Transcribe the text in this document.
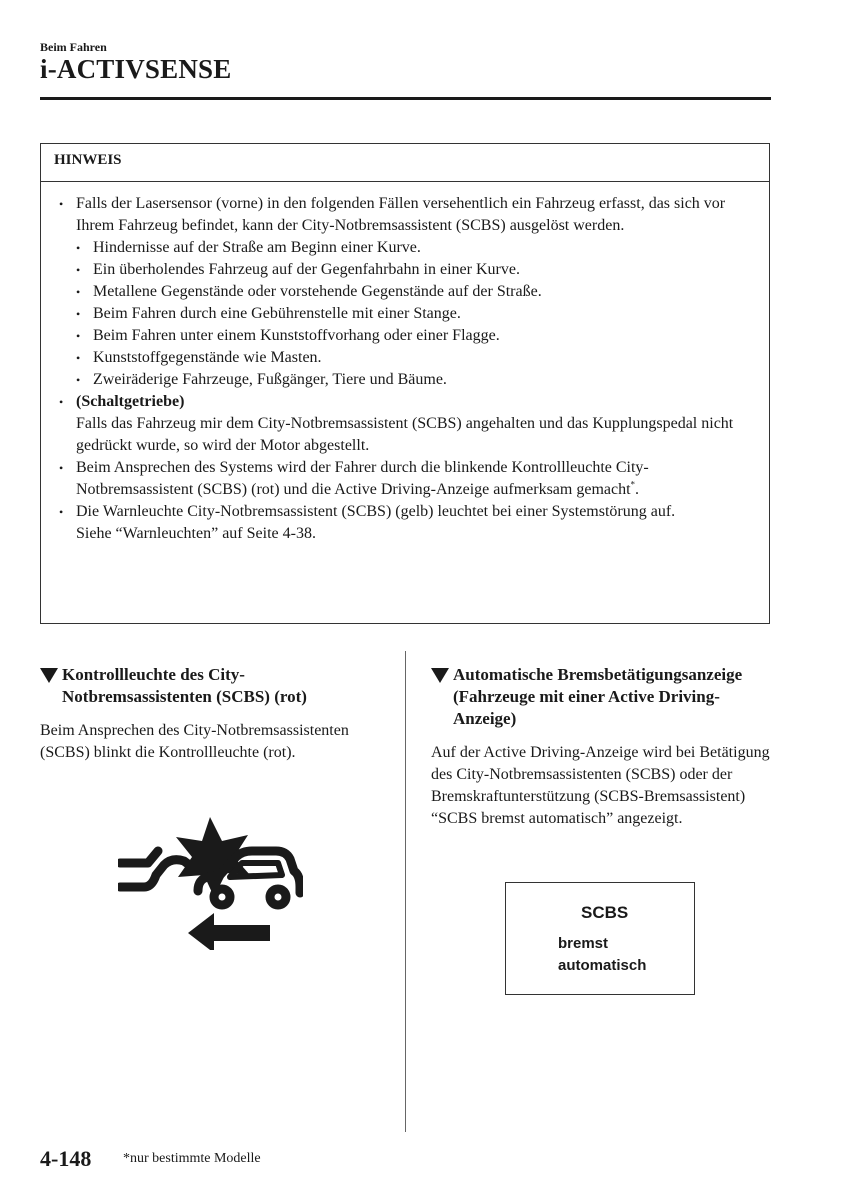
Beim Fahren
i-ACTIVSENSE
HINWEIS
• Falls der Lasersensor (vorne) in den folgenden Fällen versehentlich ein Fahrzeug erfasst, das sich vor Ihrem Fahrzeug befindet, kann der City-Notbremsassistent (SCBS) ausgelöst werden.
• Hindernisse auf der Straße am Beginn einer Kurve.
• Ein überholendes Fahrzeug auf der Gegenfahrbahn in einer Kurve.
• Metallene Gegenstände oder vorstehende Gegenstände auf der Straße.
• Beim Fahren durch eine Gebührenstelle mit einer Stange.
• Beim Fahren unter einem Kunststoffvorhang oder einer Flagge.
• Kunststoffgegenstände wie Masten.
• Zweiräderige Fahrzeuge, Fußgänger, Tiere und Bäume.
• (Schaltgetriebe)
Falls das Fahrzeug mir dem City-Notbremsassistent (SCBS) angehalten und das Kupplungspedal nicht gedrückt wurde, so wird der Motor abgestellt.
• Beim Ansprechen des Systems wird der Fahrer durch die blinkende Kontrollleuchte City-Notbremsassistent (SCBS) (rot) und die Active Driving-Anzeige aufmerksam gemacht*.
• Die Warnleuchte City-Notbremsassistent (SCBS) (gelb) leuchtet bei einer Systemstörung auf.
Siehe “Warnleuchten” auf Seite 4-38.
Kontrollleuchte des City-Notbremsassistenten (SCBS) (rot)
Beim Ansprechen des City-Notbremsassistenten (SCBS) blinkt die Kontrollleuchte (rot).
Automatische Bremsbetätigungsanzeige (Fahrzeuge mit einer Active Driving-Anzeige)
Auf der Active Driving-Anzeige wird bei Betätigung des City-Notbremsassistenten (SCBS) oder der Bremskraftunterstützung (SCBS-Bremsassistent) “SCBS bremst automatisch” angezeigt.
SCBS
bremst
automatisch
4-148 *nur bestimmte Modelle
